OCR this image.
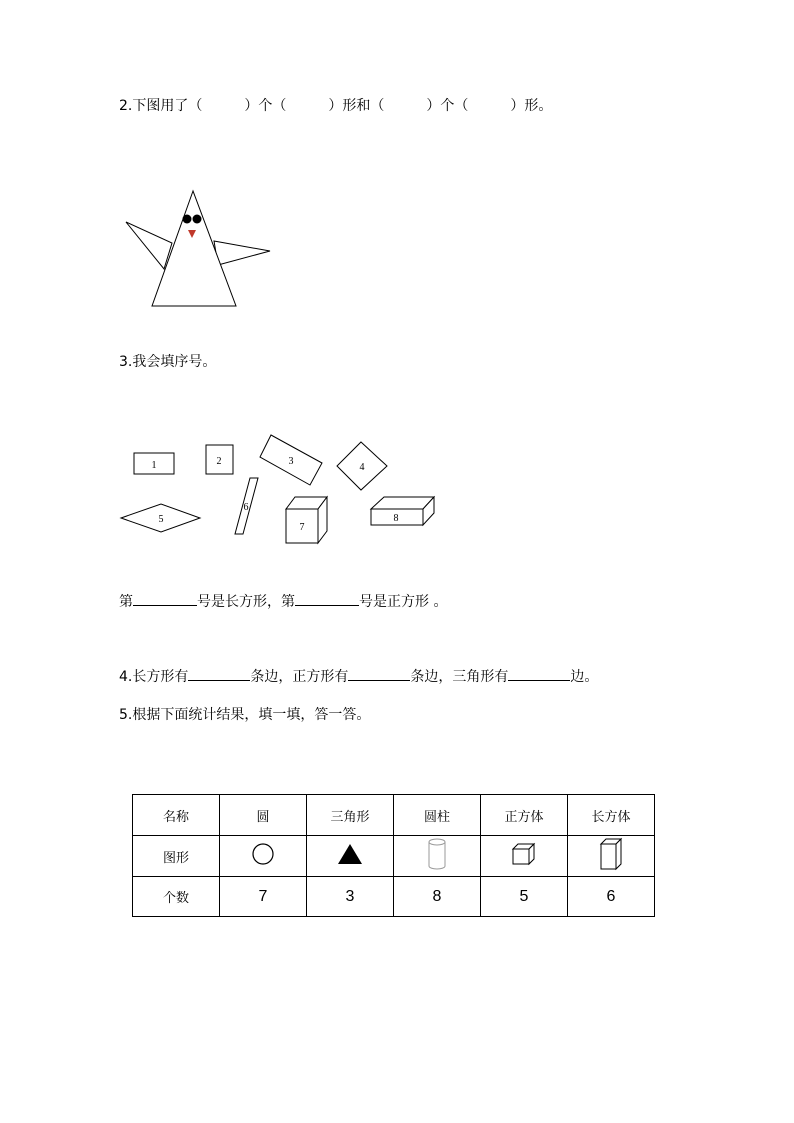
2.下图用了（　　　）个（　　　）形和（　　　）个（　　　）形。
3.我会填序号。
1	2	3
4
5
6
7
8
第	号是长方形，第	号是正方形 。
4.长方形有	条边，正方形有	条边，三角形有	边。
5.根据下面统计结果，填一填，答一答。
名称	圆	三角形	圆柱	正方体	长方体
图形					
个数	7	3	8	5	6
